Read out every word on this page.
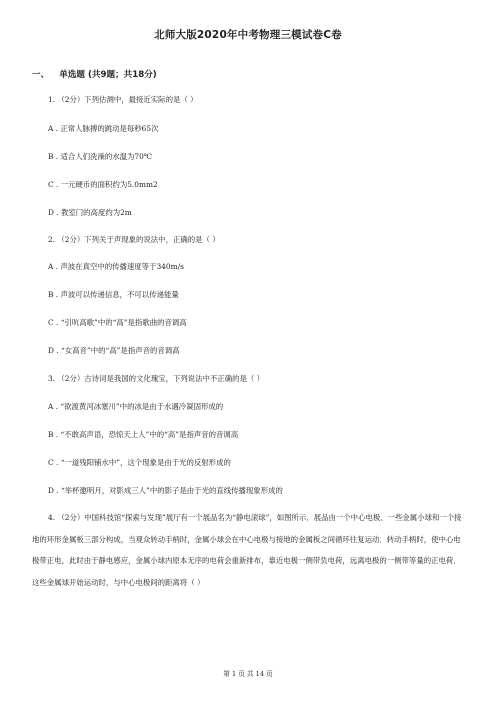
北师大版2020年中考物理三模试卷C卷
一、 单选题 (共9题；共18分)
1. （2分）下列估测中，最接近实际的是（ ）
A . 正常人脉搏的跳动是每秒65次
B . 适合人们洗澡的水温为70℃
C . 一元硬币的面积约为5.0mm2
D . 教室门的高度约为2m
2. （2分）下列关于声现象的说法中，正确的是（ ）
A . 声波在真空中的传播速度等于340m/s
B . 声波可以传递信息，不可以传递能量
C . “引吭高歌”中的“高”是指歌曲的音调高
D . “女高音”中的“高”是指声音的音调高
3. （2分）古诗词是我国的文化瑰宝，下列说法中不正确的是（ ）
A . “欲渡黄河冰塞川”中的冰是由于水遇冷凝固形成的
B . “不敢高声语，恐惊天上人”中的“高”是指声音的音调高
C . “一道残阳铺水中”，这个现象是由于光的反射形成的
D . “举杯邀明月，对影成三人”中的影子是由于光的直线传播现象形成的
4. （2分）中国科技馆“探索与发现”展厅有一个展品名为“静电滚球”，如图所示．展品由一个中心电极、一些金属小球和一个接地的环形金属板三部分构成，当观众转动手柄时，金属小球会在中心电极与接地的金属板之间循环往复运动．转动手柄时，使中心电极带正电，此时由于静电感应，金属小球内原本无序的电荷会重新排布，靠近电极一侧带负电荷，远离电极的一侧带等量的正电荷．这些金属球开始运动时，与中心电极间的距离将（ ）
第 1 页 共 14 页
